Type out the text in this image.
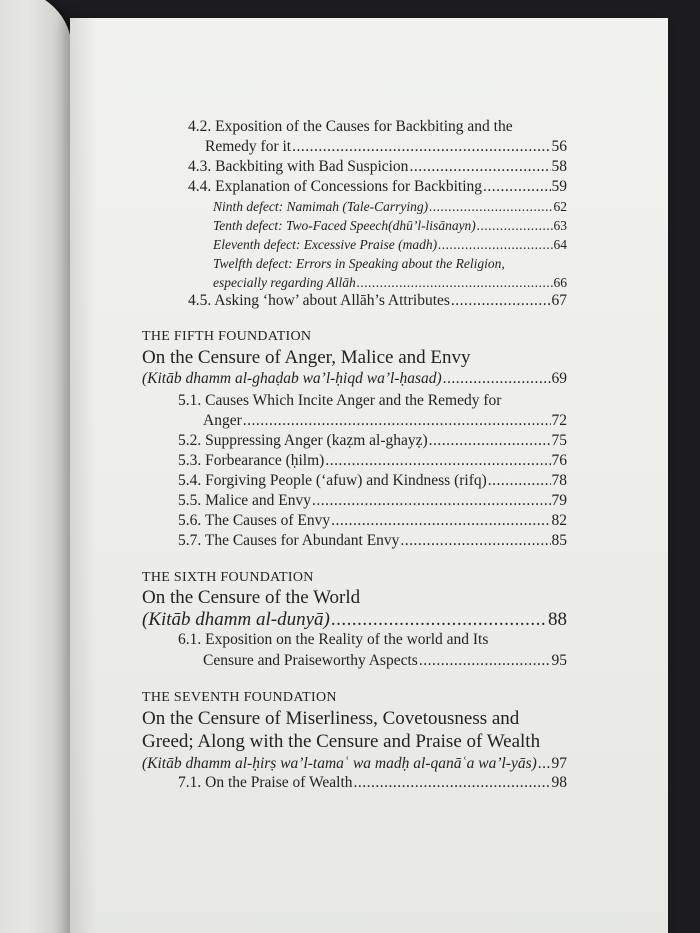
4.2. Exposition of the Causes for Backbiting and the
Remedy for it .....	56
4.3. Backbiting with Bad Suspicion .....	58
4.4. Explanation of Concessions for Backbiting .....	59
Ninth defect: Namimah (Tale-Carrying) .....	62
Tenth defect: Two-Faced Speech(dhū’l-lisānayn) .....	63
Eleventh defect: Excessive Praise (madh) .....	64
Twelfth defect: Errors in Speaking about the Religion,
especially regarding Allāh .....	66
4.5. Asking ‘how’ about Allāh’s Attributes .....	67
THE FIFTH FOUNDATION
On the Censure of Anger, Malice and Envy
(Kitāb dhamm al-ghaḍab wa’l-ḥiqd wa’l-ḥasad) .....	69
5.1. Causes Which Incite Anger and the Remedy for
Anger .....	72
5.2. Suppressing Anger (kaẓm al-ghayẓ) .....	75
5.3. Forbearance (ḥilm) .....	76
5.4. Forgiving People (‘afuw) and Kindness (rifq) .....	78
5.5. Malice and Envy .....	79
5.6. The Causes of Envy .....	82
5.7. The Causes for Abundant Envy .....	85
THE SIXTH FOUNDATION
On the Censure of the World
(Kitāb dhamm al-dunyā) .....	88
6.1. Exposition on the Reality of the world and Its
Censure and Praiseworthy Aspects .....	95
THE SEVENTH FOUNDATION
On the Censure of Miserliness, Covetousness and
Greed; Along with the Censure and Praise of Wealth
(Kitāb dhamm al-ḥirṣ wa’l-tamaʿ wa madḥ al-qanāʿa wa’l-yās) ..... 97
7.1. On the Praise of Wealth .....	98
